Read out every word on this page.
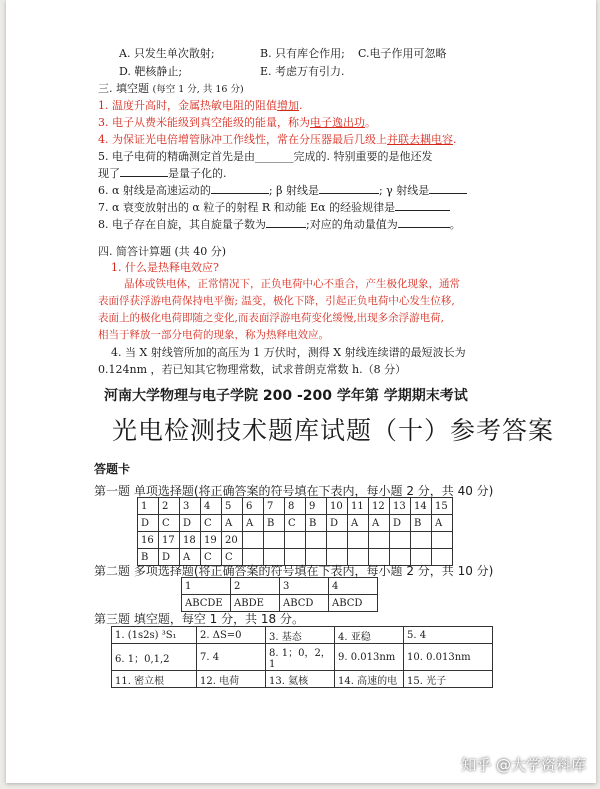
A. 只发生单次散射;	B. 只有库仑作用; C.电子作用可忽略
D. 靶核静止;	E. 考虑万有引力.
三. 填空题 (每空 1 分, 共 16 分)
1. 温度升高时，金属热敏电阻的阻值增加.
3. 电子从费米能级到真空能级的能量，称为电子逸出功。
4. 为保证光电倍增管脉冲工作线性，常在分压器最后几级上并联去耦电容.
5. 电子电荷的精确测定首先是由_______完成的. 特别重要的是他还发
现了	是量子化的.
6. α 射线是高速运动的	; β 射线是	; γ 射线是
7. α 衰变放射出的 α 粒子的射程 R 和动能 Eα 的经验规律是
8. 电子存在自旋，其自旋量子数为	;对应的角动量值为	。
四. 简答计算题 (共 40 分)
1. 什么是热释电效应?
晶体或铁电体，正常情况下，正负电荷中心不重合，产生极化现象，通常
表面俘获浮游电荷保持电平衡; 温变，极化下降，引起正负电荷中心发生位移,
表面上的极化电荷即随之变化,而表面浮游电荷变化缓慢,出现多余浮游电荷,
相当于释放一部分电荷的现象，称为热释电效应。
4. 当 X 射线管所加的高压为 1 万伏时，测得 X 射线连续谱的最短波长为
0.124nm ，若已知其它物理常数，试求普朗克常数 h.（8 分）
河南大学物理与电子学院 200 -200 学年第 学期期末考试
光电检测技术题库试题（十）参考答案
答题卡
第一题 单项选择题(将正确答案的符号填在下表内，每小题 2 分，共 40 分)
1	2	3	4	5	6	7	8	9	10	11	12	13	14	15
D	C	D	C	A	A	B	C	B	D	A	A	D	B	A
16	17	18	19	20										
B	D	A	C	C										
第二题 多项选择题(将正确答案的符号填在下表内，每小题 2 分，共 10 分)
1	2	3	4
ABCDE	ABDE	ABCD	ABCD
第三题 填空题，每空 1 分，共 18 分。
1. (1s2s) ³S₁	2. ΔS=0	3. 基态	4. 亚稳	5. 4
6. 1；0,1,2	7. 4	8. 1；0，2，1	9. 0.013nm	10. 0.013nm
11. 密立根	12. 电荷	13. 氦核	14. 高速的电	15. 光子
知乎 @大学资料库
